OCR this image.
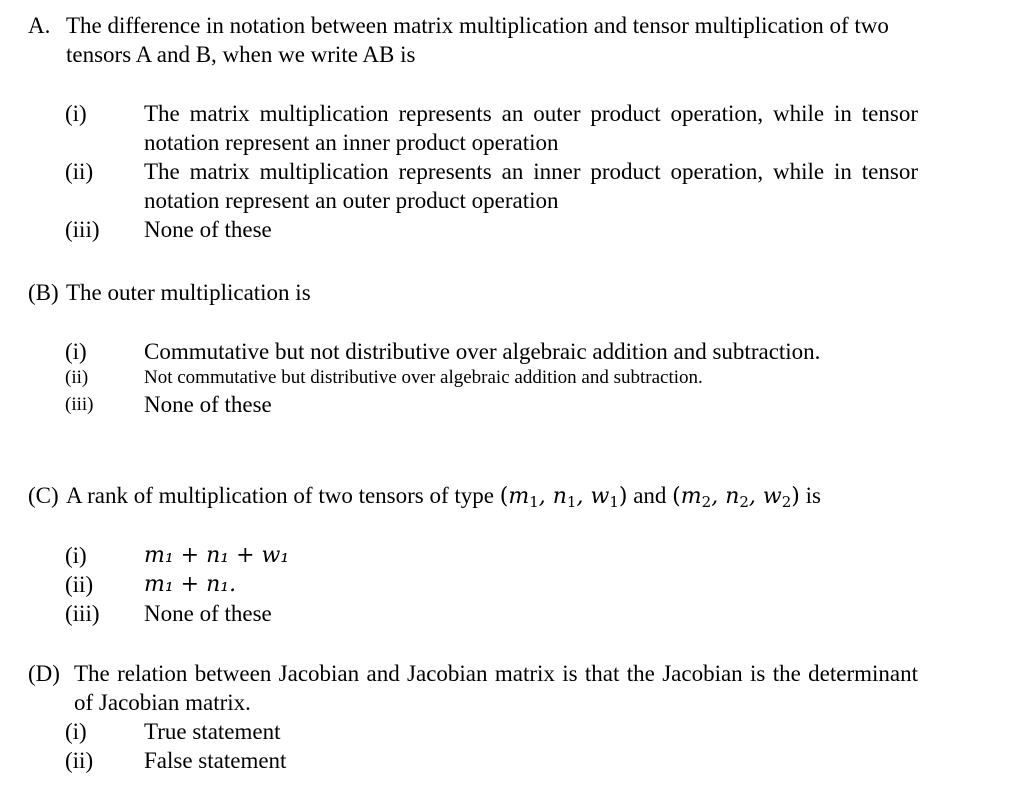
A. The difference in notation between matrix multiplication and tensor multiplication of two tensors A and B, when we write AB is
(i)	The matrix multiplication represents an outer product operation, while in tensor notation represent an inner product operation
(ii)	The matrix multiplication represents an inner product operation, while in tensor notation represent an outer product operation
(iii)	None of these
(B) The outer multiplication is
(i)	Commutative but not distributive over algebraic addition and subtraction.
(ii)	Not commutative but distributive over algebraic addition and subtraction.
(iii)	None of these
(C) A rank of multiplication of two tensors of type ($m_1$, $n_1$, $w_1$) and ($m_2$, $n_2$, $w_2$) is
(i)	m₁ + n₁ + w₁
(ii)	m₁ + n₁.
(iii)	None of these
(D) The relation between Jacobian and Jacobian matrix is that the Jacobian is the determinant of Jacobian matrix.
(i)	True statement
(ii)	False statement
